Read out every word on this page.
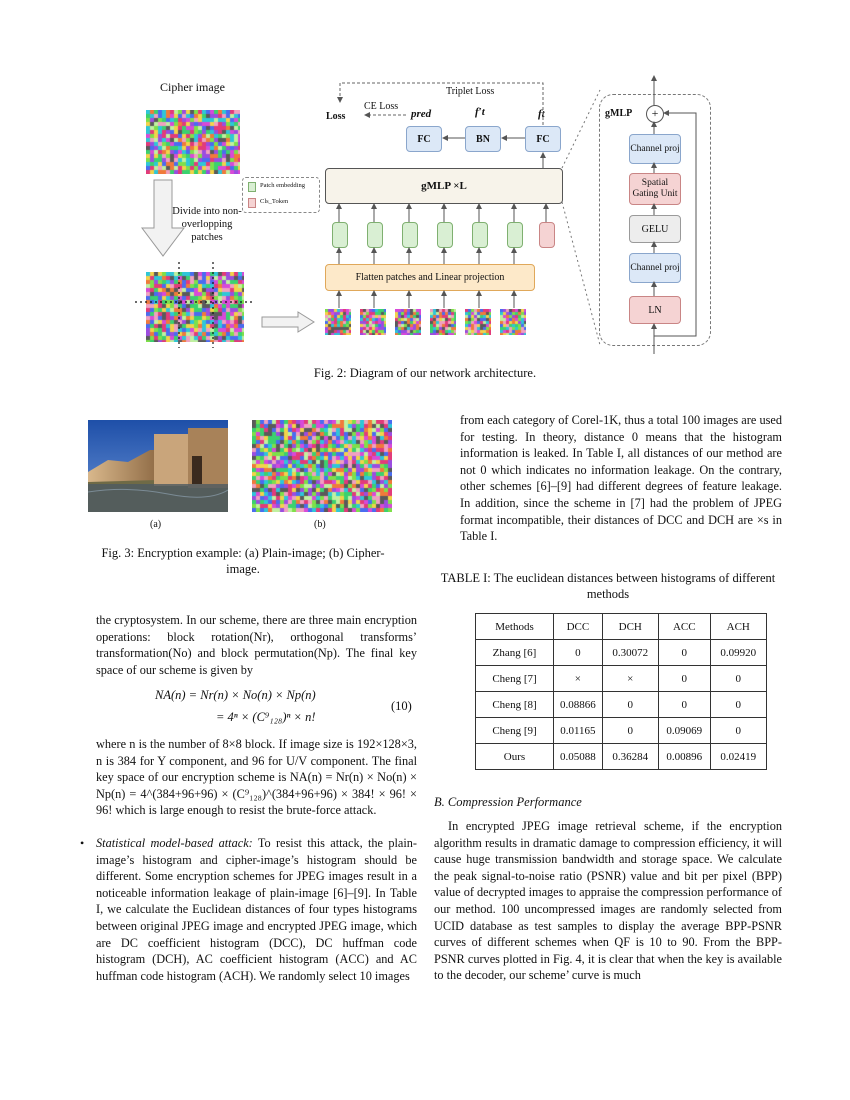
Cipher image
Divide into non-overlopping patches
Patch embedding
Cls_Token
Flatten patches and Linear projection
gMLP ×L
FC	BN	FC
pred	f′t	ft
Loss
CE Loss
Triplet Loss
gMLP	+
Channel proj
Spatial Gating Unit
GELU
Channel proj
LN
Fig. 2: Diagram of our network architecture.
(a)	(b)
Fig. 3: Encryption example: (a) Plain-image; (b) Cipher-image.
the cryptosystem. In our scheme, there are three main encryption operations: block rotation(Nr), orthogonal transforms’ transformation(No) and block permutation(Np). The final key space of our scheme is given by
NA(n) = Nr(n) × No(n) × Np(n)
= 4ⁿ × (C⁹₁₂₈)ⁿ × n!
(10)
where n is the number of 8×8 block. If image size is 192×128×3, n is 384 for Y component, and 96 for U/V component. The final key space of our encryption scheme is NA(n) = Nr(n) × No(n) × Np(n) = 4^(384+96+96) × (C⁹₁₂₈)^(384+96+96) × 384! × 96! × 96! which is large enough to resist the brute-force attack.
• Statistical model-based attack: To resist this attack, the plain-image’s histogram and cipher-image’s histogram should be different. Some encryption schemes for JPEG images result in a noticeable information leakage of plain-image [6]–[9]. In Table I, we calculate the Euclidean distances of four types histograms between original JPEG image and encrypted JPEG image, which are DC coefficient histogram (DCC), DC huffman code histogram (DCH), AC coefficient histogram (ACC) and AC huffman code histogram (ACH). We randomly select 10 images
from each category of Corel-1K, thus a total 100 images are used for testing. In theory, distance 0 means that the histogram information is leaked. In Table I, all distances of our method are not 0 which indicates no information leakage. On the contrary, other schemes [6]–[9] had different degrees of feature leakage. In addition, since the scheme in [7] had the problem of JPEG format incompatible, their distances of DCC and DCH are ×s in Table I.
TABLE I: The euclidean distances between histograms of different methods
Methods	DCC	DCH	ACC	ACH
Zhang [6]	0	0.30072	0	0.09920
Cheng [7]	×	×	0	0
Cheng [8]	0.08866	0	0	0
Cheng [9]	0.01165	0	0.09069	0
Ours	0.05088	0.36284	0.00896	0.02419
B. Compression Performance
In encrypted JPEG image retrieval scheme, if the encryption algorithm results in dramatic damage to compression efficiency, it will cause huge transmission bandwidth and storage space. We calculate the peak signal-to-noise ratio (PSNR) value and bit per pixel (BPP) value of decrypted images to appraise the compression performance of our method. 100 uncompressed images are randomly selected from UCID database as test samples to display the average BPP-PSNR curves of different schemes when QF is 10 to 90. From the BPP-PSNR curves plotted in Fig. 4, it is clear that when the key is available to the decoder, our scheme’ curve is much
